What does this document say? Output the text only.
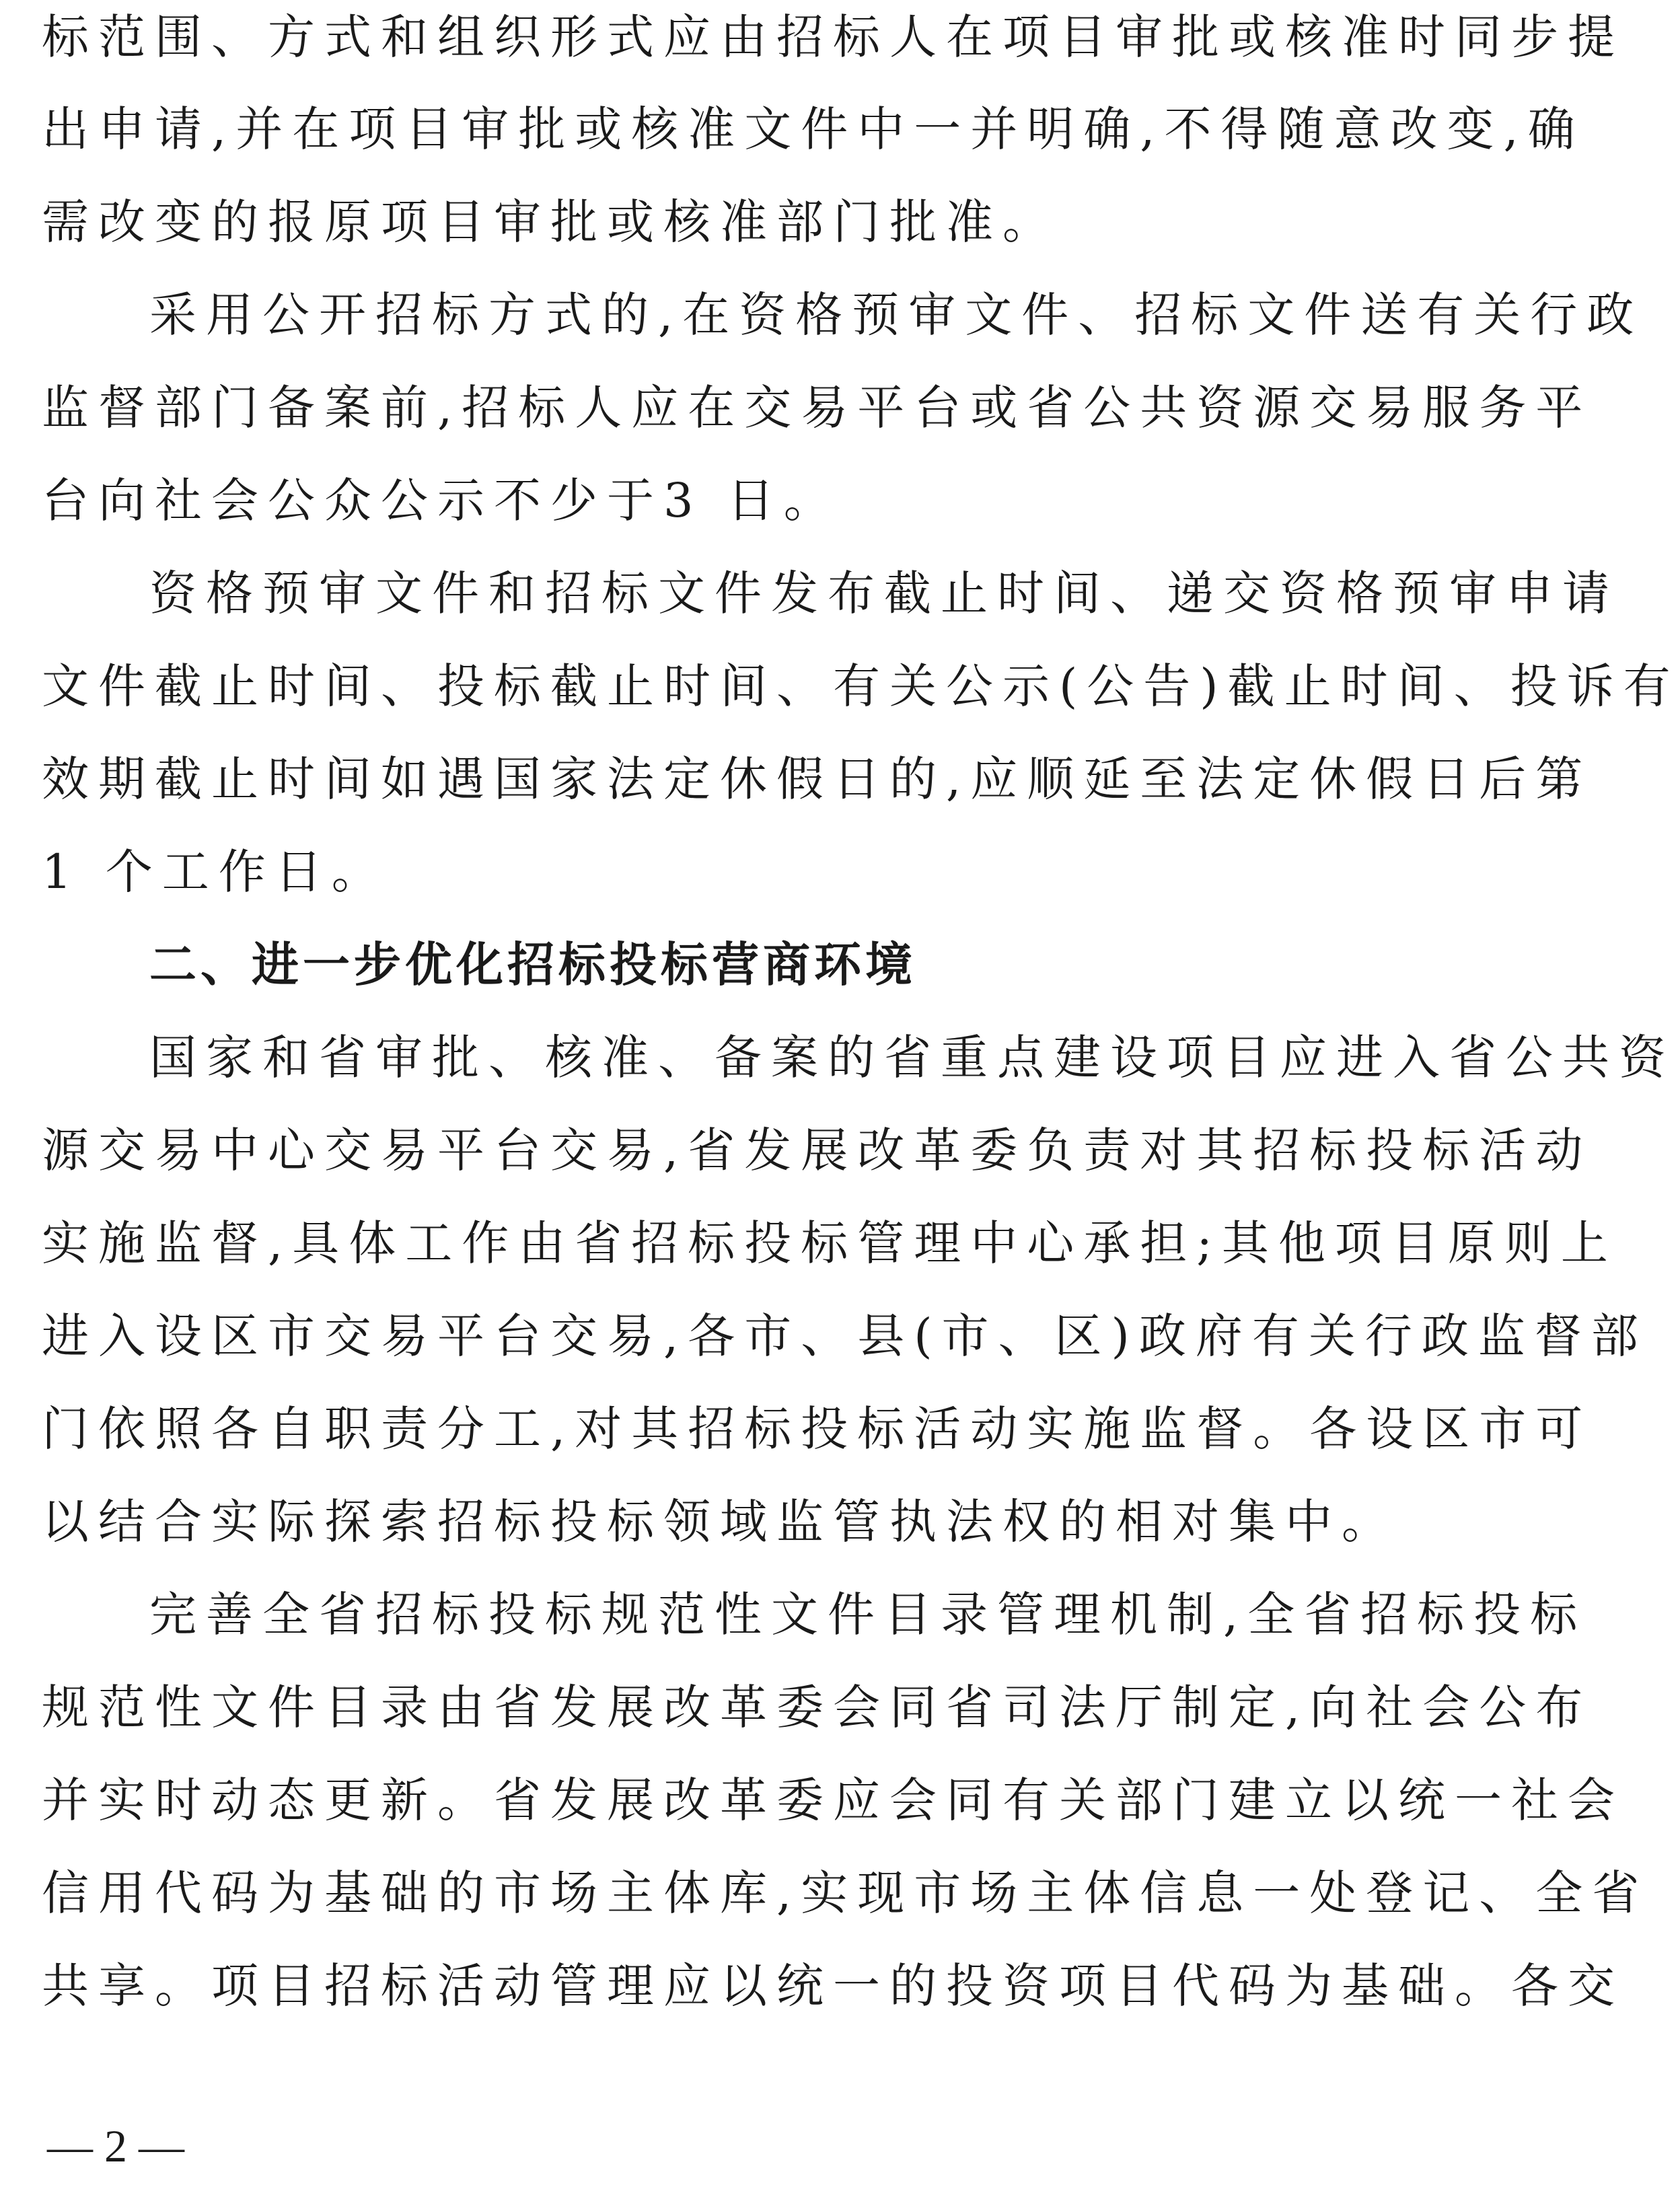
标范围、方式和组织形式应由招标人在项目审批或核准时同步提
出申请,并在项目审批或核准文件中一并明确,不得随意改变,确
需改变的报原项目审批或核准部门批准。
采用公开招标方式的,在资格预审文件、招标文件送有关行政
监督部门备案前,招标人应在交易平台或省公共资源交易服务平
台向社会公众公示不少于3 日。
资格预审文件和招标文件发布截止时间、递交资格预审申请
文件截止时间、投标截止时间、有关公示(公告)截止时间、投诉有
效期截止时间如遇国家法定休假日的,应顺延至法定休假日后第
1 个工作日。
二、进一步优化招标投标营商环境
国家和省审批、核准、备案的省重点建设项目应进入省公共资
源交易中心交易平台交易,省发展改革委负责对其招标投标活动
实施监督,具体工作由省招标投标管理中心承担;其他项目原则上
进入设区市交易平台交易,各市、县(市、区)政府有关行政监督部
门依照各自职责分工,对其招标投标活动实施监督。各设区市可
以结合实际探索招标投标领域监管执法权的相对集中。
完善全省招标投标规范性文件目录管理机制,全省招标投标
规范性文件目录由省发展改革委会同省司法厅制定,向社会公布
并实时动态更新。省发展改革委应会同有关部门建立以统一社会
信用代码为基础的市场主体库,实现市场主体信息一处登记、全省
共享。项目招标活动管理应以统一的投资项目代码为基础。各交
— 2 —
